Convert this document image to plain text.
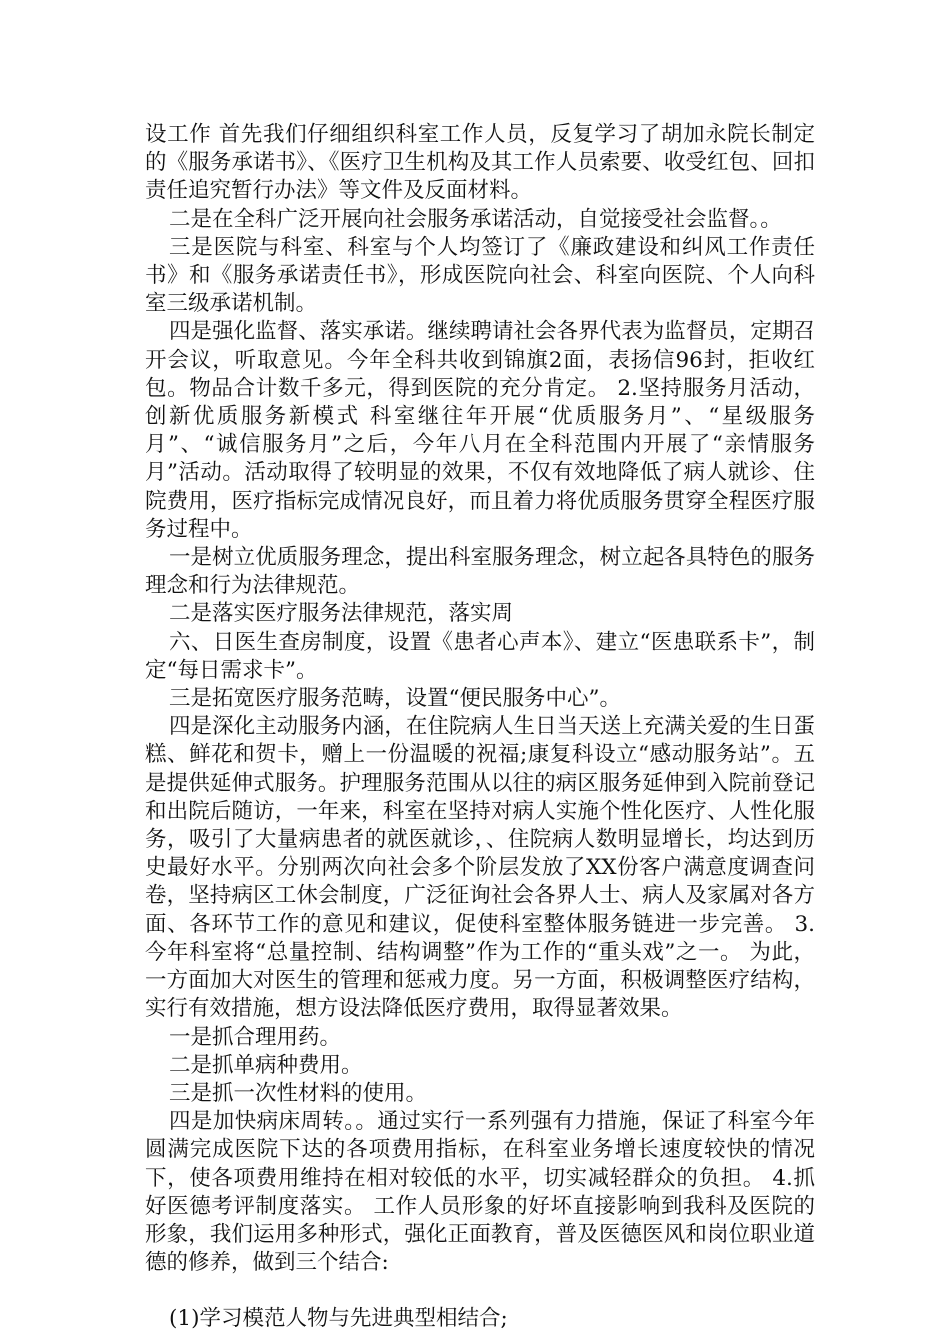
设工作 首先我们仔细组织科室工作人员，反复学习了胡加永院长制定的《服务承诺书》、《医疗卫生机构及其工作人员索要、收受红包、回扣责任追究暂行办法》等文件及反面材料。

二是在全科广泛开展向社会服务承诺活动，自觉接受社会监督。。

三是医院与科室、科室与个人均签订了《廉政建设和纠风工作责任书》和《服务承诺责任书》，形成医院向社会、科室向医院、个人向科室三级承诺机制。

四是强化监督、落实承诺。继续聘请社会各界代表为监督员，定期召开会议，听取意见。今年全科共收到锦旗2面，表扬信96封，拒收红包。物品合计数千多元，得到医院的充分肯定。 2.坚持服务月活动，创新优质服务新模式 科室继往年开展“优质服务月”、“星级服务月”、“诚信服务月”之后，今年八月在全科范围内开展了“亲情服务月”活动。活动取得了较明显的效果，不仅有效地降低了病人就诊、住院费用，医疗指标完成情况良好，而且着力将优质服务贯穿全程医疗服务过程中。

一是树立优质服务理念，提出科室服务理念，树立起各具特色的服务理念和行为法律规范。

二是落实医疗服务法律规范，落实周

六、日医生查房制度，设置《患者心声本》、建立“医患联系卡”，制定“每日需求卡”。

三是拓宽医疗服务范畴，设置“便民服务中心”。

四是深化主动服务内涵，在住院病人生日当天送上充满关爱的生日蛋糕、鲜花和贺卡，赠上一份温暖的祝福;康复科设立“感动服务站”。五是提供延伸式服务。护理服务范围从以往的病区服务延伸到入院前登记和出院后随访，一年来，科室在坚持对病人实施个性化医疗、人性化服务，吸引了大量病患者的就医就诊，、住院病人数明显增长，均达到历史最好水平。分别两次向社会多个阶层发放了XX份客户满意度调查问卷，坚持病区工休会制度，广泛征询社会各界人士、病人及家属对各方面、各环节工作的意见和建议，促使科室整体服务链进一步完善。 3.今年科室将“总量控制、结构调整”作为工作的“重头戏”之一。 为此，一方面加大对医生的管理和惩戒力度。另一方面，积极调整医疗结构，实行有效措施，想方设法降低医疗费用，取得显著效果。

一是抓合理用药。

二是抓单病种费用。

三是抓一次性材料的使用。

四是加快病床周转。。通过实行一系列强有力措施，保证了科室今年圆满完成医院下达的各项费用指标，在科室业务增长速度较快的情况下，使各项费用维持在相对较低的水平，切实减轻群众的负担。 4.抓好医德考评制度落实。 工作人员形象的好坏直接影响到我科及医院的形象，我们运用多种形式，强化正面教育，普及医德医风和岗位职业道德的修养，做到三个结合:

(1)学习模范人物与先进典型相结合;
